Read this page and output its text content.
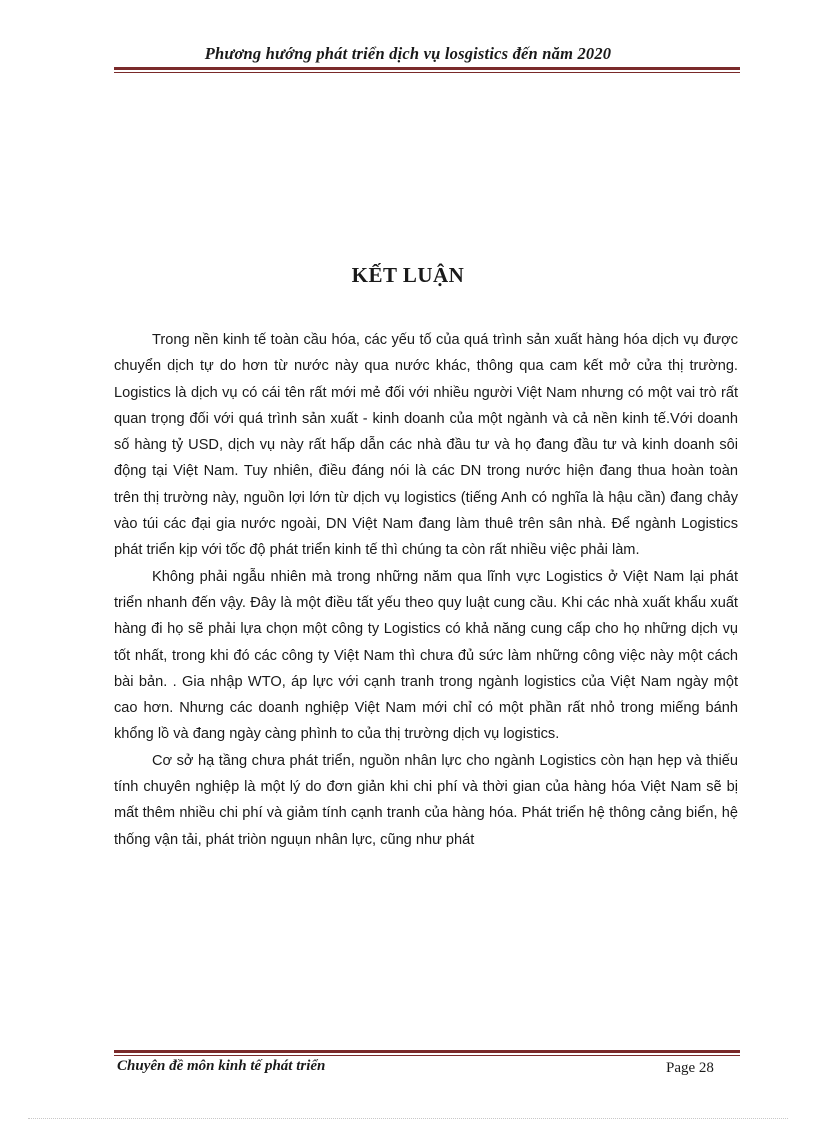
Phương hướng phát triển dịch vụ losgistics đến năm 2020
KẾT LUẬN

Trong nền kinh tế toàn cầu hóa, các yếu tố của quá trình sản xuất hàng hóa dịch vụ được chuyển dịch tự do hơn từ nước này qua nước khác, thông qua cam kết mở cửa thị trường. Logistics là dịch vụ có cái tên rất mới mẻ đối với nhiều người Việt Nam nhưng có một vai trò rất quan trọng đối với quá trình sản xuất - kinh doanh của một ngành và cả nền kinh tế.Với doanh số hàng tỷ USD, dịch vụ này rất hấp dẫn các nhà đầu tư và họ đang đầu tư và kinh doanh sôi động tại Việt Nam. Tuy nhiên, điều đáng nói là các DN trong nước hiện đang thua hoàn toàn trên thị trường này, nguồn lợi lớn từ dịch vụ logistics (tiếng Anh có nghĩa là hậu cần) đang chảy vào túi các đại gia nước ngoài, DN Việt Nam đang làm thuê trên sân nhà. Để ngành Logistics phát triển kịp với tốc độ phát triển kinh tế thì chúng ta còn rất nhiều việc phải làm.

Không phải ngẫu nhiên mà trong những năm qua lĩnh vực Logistics ở Việt Nam lại phát triển nhanh đến vậy. Đây là một điều tất yếu theo quy luật cung cầu. Khi các nhà xuất khẩu xuất hàng đi họ sẽ phải lựa chọn một công ty Logistics có khả năng cung cấp cho họ những dịch vụ tốt nhất, trong khi đó các công ty Việt Nam thì chưa đủ sức làm những công việc này một cách bài bản. . Gia nhập WTO, áp lực với cạnh tranh trong ngành logistics của Việt Nam ngày một cao hơn. Nhưng các doanh nghiệp Việt Nam mới chỉ có một phần rất nhỏ trong miếng bánh khổng lồ và đang ngày càng phình to của thị trường dịch vụ logistics.

Cơ sở hạ tầng chưa phát triển, nguồn nhân lực cho ngành Logistics còn hạn hẹp và thiếu tính chuyên nghiệp là một lý do đơn giản khi chi phí và thời gian của hàng hóa Việt Nam sẽ bị mất thêm nhiều chi phí và giảm tính cạnh tranh của hàng hóa. Phát triển hệ thông cảng biển, hệ thống vận tải, phát triòn nguụn nhân lực, cũng như phát

Chuyên đề môn kinh tế phát triển	Page 28
